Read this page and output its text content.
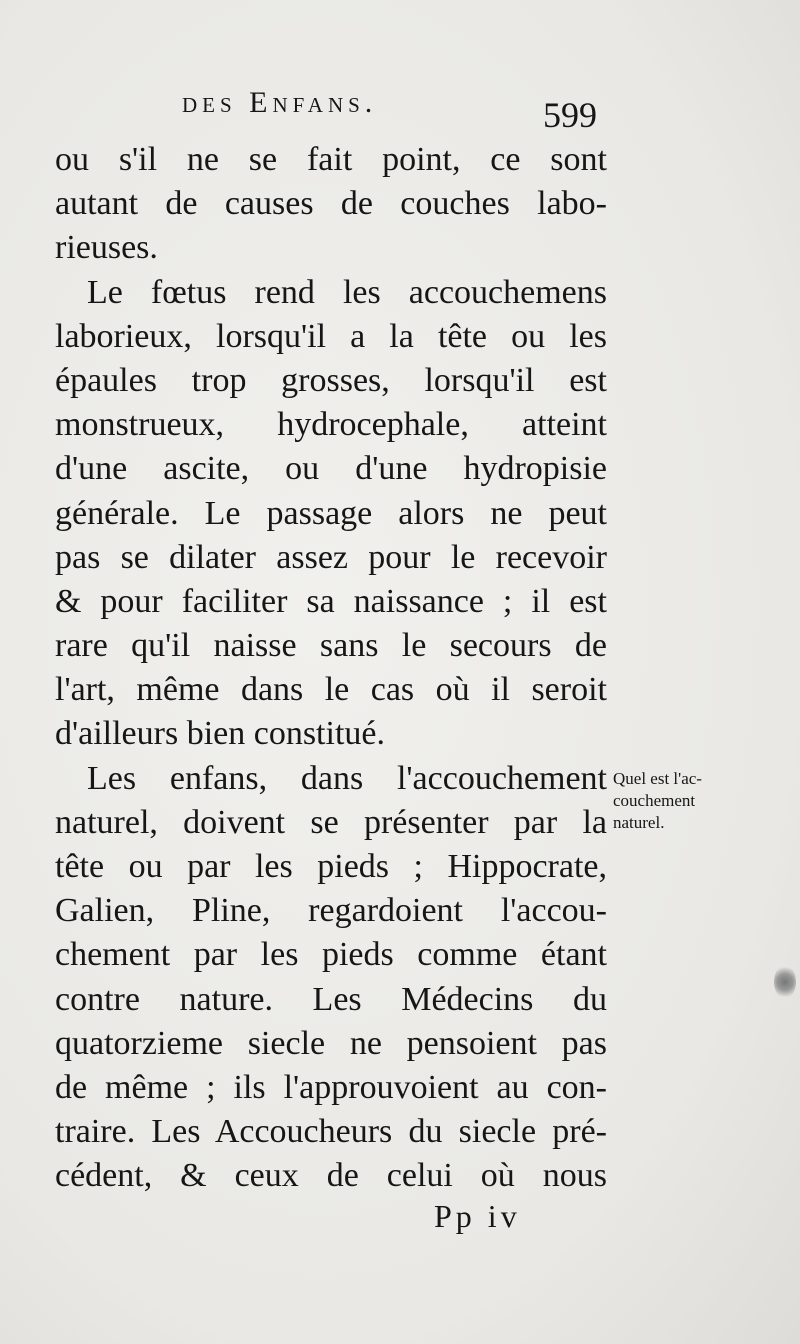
des Enfans.	599
ou s'il ne se fait point, ce sont
autant de causes de couches labo-
rieuses.
Le fœtus rend les accouchemens
laborieux, lorsqu'il a la tête ou les
épaules trop grosses, lorsqu'il est
monstrueux, hydrocephale, atteint
d'une ascite, ou d'une hydropisie
générale. Le passage alors ne peut
pas se dilater assez pour le recevoir
& pour faciliter sa naissance ; il est
rare qu'il naisse sans le secours de
l'art, même dans le cas où il seroit
d'ailleurs bien constitué.
Les enfans, dans l'accouchement
naturel, doivent se présenter par la
tête ou par les pieds ; Hippocrate,
Galien, Pline, regardoient l'accou-
chement par les pieds comme étant
contre nature. Les Médecins du
quatorzieme siecle ne pensoient pas
de même ; ils l'approuvoient au con-
traire. Les Accoucheurs du siecle pré-
cédent, & ceux de celui où nous
Quel est l'ac-
couchement
naturel.
Pp iv
